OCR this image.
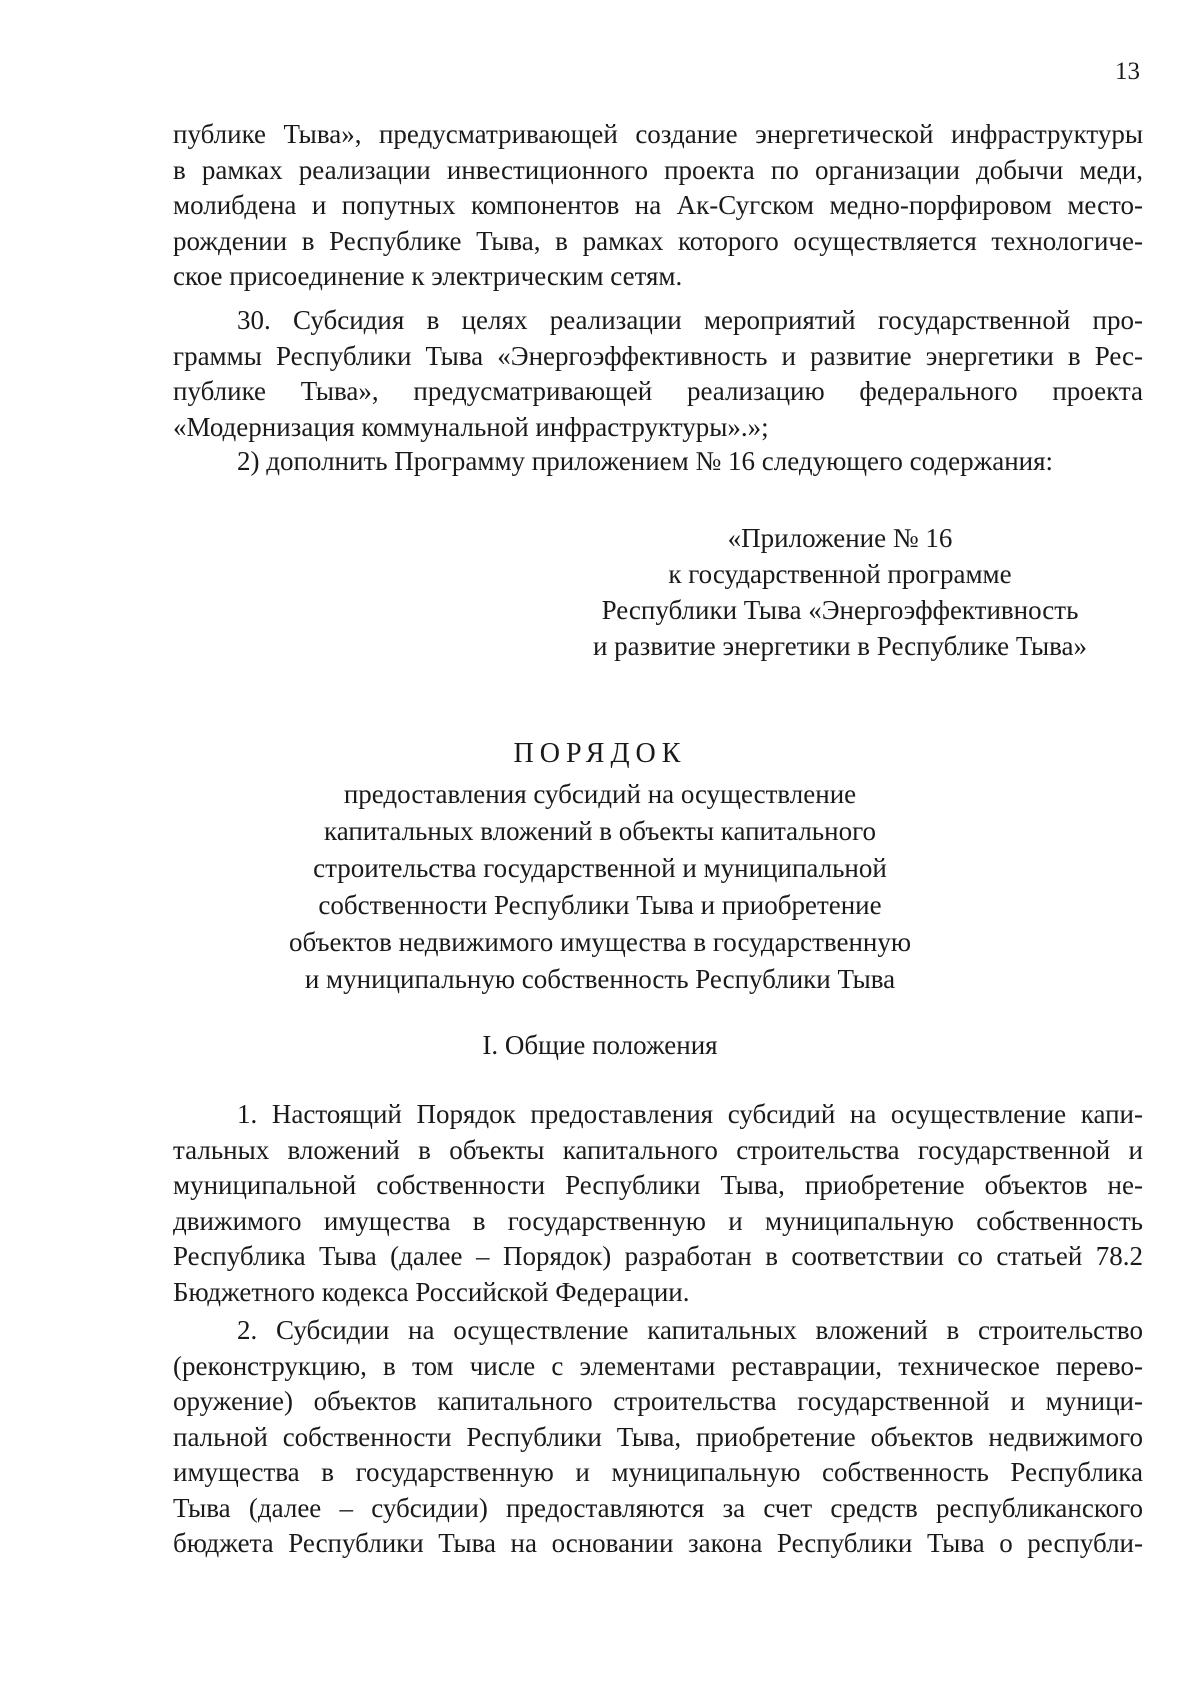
13
публике Тыва», предусматривающей создание энергетической инфраструктуры
в рамках реализации инвестиционного проекта по организации добычи меди,
молибдена и попутных компонентов на Ак-Сугском медно-порфировом место-
рождении в Республике Тыва, в рамках которого осуществляется технологиче-
ское присоединение к электрическим сетям.
30. Субсидия в целях реализации мероприятий государственной про-
граммы Республики Тыва «Энергоэффективность и развитие энергетики в Рес-
публике Тыва», предусматривающей реализацию федерального проекта
«Модернизация коммунальной инфраструктуры».»;
2) дополнить Программу приложением № 16 следующего содержания:
«Приложение № 16
к государственной программе
Республики Тыва «Энергоэффективность
и развитие энергетики в Республике Тыва»
ПОРЯДОК
предоставления субсидий на осуществление
капитальных вложений в объекты капитального
строительства государственной и муниципальной
собственности Республики Тыва и приобретение
объектов недвижимого имущества в государственную
и муниципальную собственность Республики Тыва
I. Общие положения
1. Настоящий Порядок предоставления субсидий на осуществление капи-
тальных вложений в объекты капитального строительства государственной и
муниципальной собственности Республики Тыва, приобретение объектов не-
движимого имущества в государственную и муниципальную собственность
Республика Тыва (далее – Порядок) разработан в соответствии со статьей 78.2
Бюджетного кодекса Российской Федерации.
2. Субсидии на осуществление капитальных вложений в строительство
(реконструкцию, в том числе с элементами реставрации, техническое перево-
оружение) объектов капитального строительства государственной и муници-
пальной собственности Республики Тыва, приобретение объектов недвижимого
имущества в государственную и муниципальную собственность Республика
Тыва (далее – субсидии) предоставляются за счет средств республиканского
бюджета Республики Тыва на основании закона Республики Тыва о республи-
